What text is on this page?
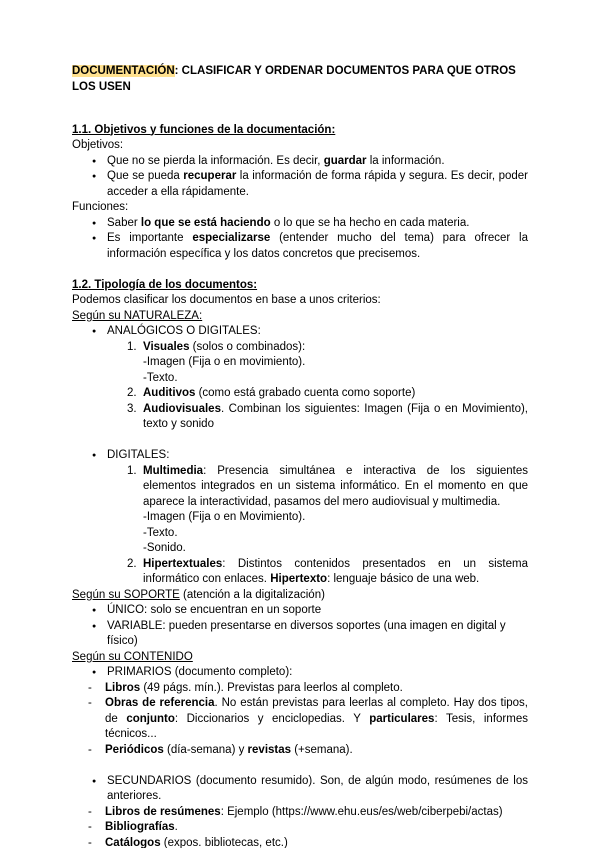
DOCUMENTACIÓN: CLASIFICAR Y ORDENAR DOCUMENTOS PARA QUE OTROS LOS USEN

1.1. Objetivos y funciones de la documentación:

Objetivos:

● Que no se pierda la información. Es decir, guardar la información.
● Que se pueda recuperar la información de forma rápida y segura. Es decir, poder acceder a ella rápidamente.

Funciones:

● Saber lo que se está haciendo o lo que se ha hecho en cada materia.
● Es importante especializarse (entender mucho del tema) para ofrecer la información específica y los datos concretos que precisemos.
1.2. Tipología de los documentos:

Podemos clasificar los documentos en base a unos criterios:

Según su NATURALEZA:

● ANALÓGICOS O DIGITALES:
1. Visuales (solos o combinados):

-Imagen (Fija o en movimiento).

-Texto.

2. Auditivos (como está grabado cuenta como soporte)
3. Audiovisuales. Combinan los siguientes: Imagen (Fija o en Movimiento), texto y sonido
● DIGITALES:
1. Multimedia: Presencia simultánea e interactiva de los siguientes elementos integrados en un sistema informático. En el momento en que aparece la interactividad, pasamos del mero audiovisual y multimedia.

-Imagen (Fija o en Movimiento).

-Texto.

-Sonido.

2. Hipertextuales: Distintos contenidos presentados en un sistema informático con enlaces. Hipertexto: lenguaje básico de una web.

Según su SOPORTE (atención a la digitalización)

● ÚNICO: solo se encuentran en un soporte
● VARIABLE: pueden presentarse en diversos soportes (una imagen en digital y físico)

Según su CONTENIDO

● PRIMARIOS (documento completo):
-	Libros (49 págs. mín.). Previstas para leerlos al completo.
-	Obras de referencia. No están previstas para leerlas al completo. Hay dos tipos, de conjunto: Diccionarios y enciclopedias. Y particulares: Tesis, informes técnicos...
-	Periódicos (día-semana) y revistas (+semana).
● SECUNDARIOS (documento resumido). Son, de algún modo, resúmenes de los anteriores.
-	Libros de resúmenes: Ejemplo (https://www.ehu.eus/es/web/ciberpebi/actas)
-	Bibliografías.
-	Catálogos (expos. bibliotecas, etc.)
